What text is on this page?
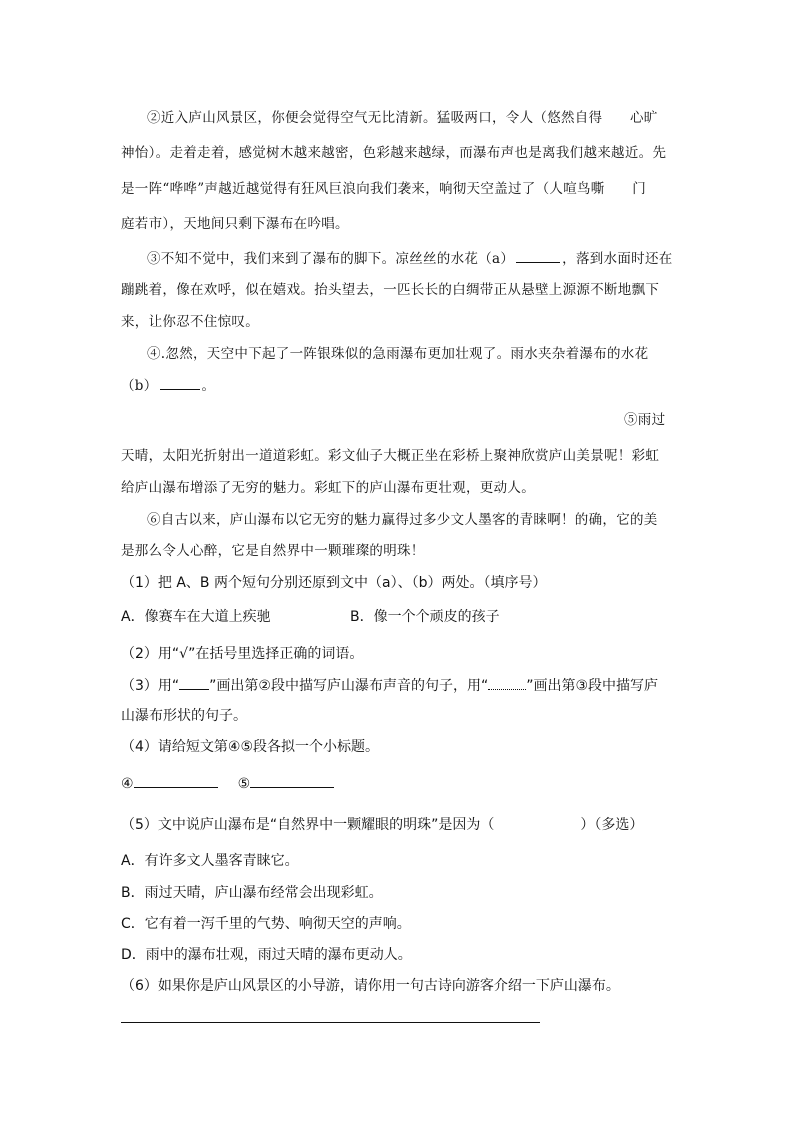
②近入庐山风景区，你便会觉得空气无比清新。猛吸两口，令人（悠然自得　　心旷
神怡）。走着走着，感觉树木越来越密，色彩越来越绿，而瀑布声也是离我们越来越近。先
是一阵“哗哗”声越近越觉得有狂风巨浪向我们袭来，响彻天空盖过了（人喧鸟嘶　　门
庭若市），天地间只剩下瀑布在吟唱。
③不知不觉中，我们来到了瀑布的脚下。凉丝丝的水花（a）	，落到水面时还在
蹦跳着，像在欢呼，似在嬉戏。抬头望去，一匹长长的白绸带正从悬壁上源源不断地飘下
来，让你忍不住惊叹。
④.忽然，天空中下起了一阵银珠似的急雨瀑布更加壮观了。雨水夹杂着瀑布的水花
（b）	。
⑤雨过
天晴，太阳光折射出一道道彩虹。彩文仙子大概正坐在彩桥上聚神欣赏庐山美景呢！彩虹
给庐山瀑布增添了无穷的魅力。彩虹下的庐山瀑布更壮观，更动人。
⑥自古以来，庐山瀑布以它无穷的魅力赢得过多少文人墨客的青睐啊！的确，它的美
是那么令人心醉，它是自然界中一颗璀璨的明珠！
（1）把 A、B 两个短句分别还原到文中（a）、（b）两处。（填序号）
A．像赛车在大道上疾驰	B．像一个个顽皮的孩子
（2）用“√”在括号里选择正确的词语。
（3）用“ ”画出第②段中描写庐山瀑布声音的句子，用“	”画出第③段中描写庐
山瀑布形状的句子。
（4）请给短文第④⑤段各拟一个小标题。
④	⑤
（5）文中说庐山瀑布是“自然界中一颗耀眼的明珠”是因为（	）（多选）
A．有许多文人墨客青睐它。
B．雨过天晴，庐山瀑布经常会出现彩虹。
C．它有着一泻千里的气势、响彻天空的声响。
D．雨中的瀑布壮观，雨过天晴的瀑布更动人。
（6）如果你是庐山风景区的小导游，请你用一句古诗向游客介绍一下庐山瀑布。
